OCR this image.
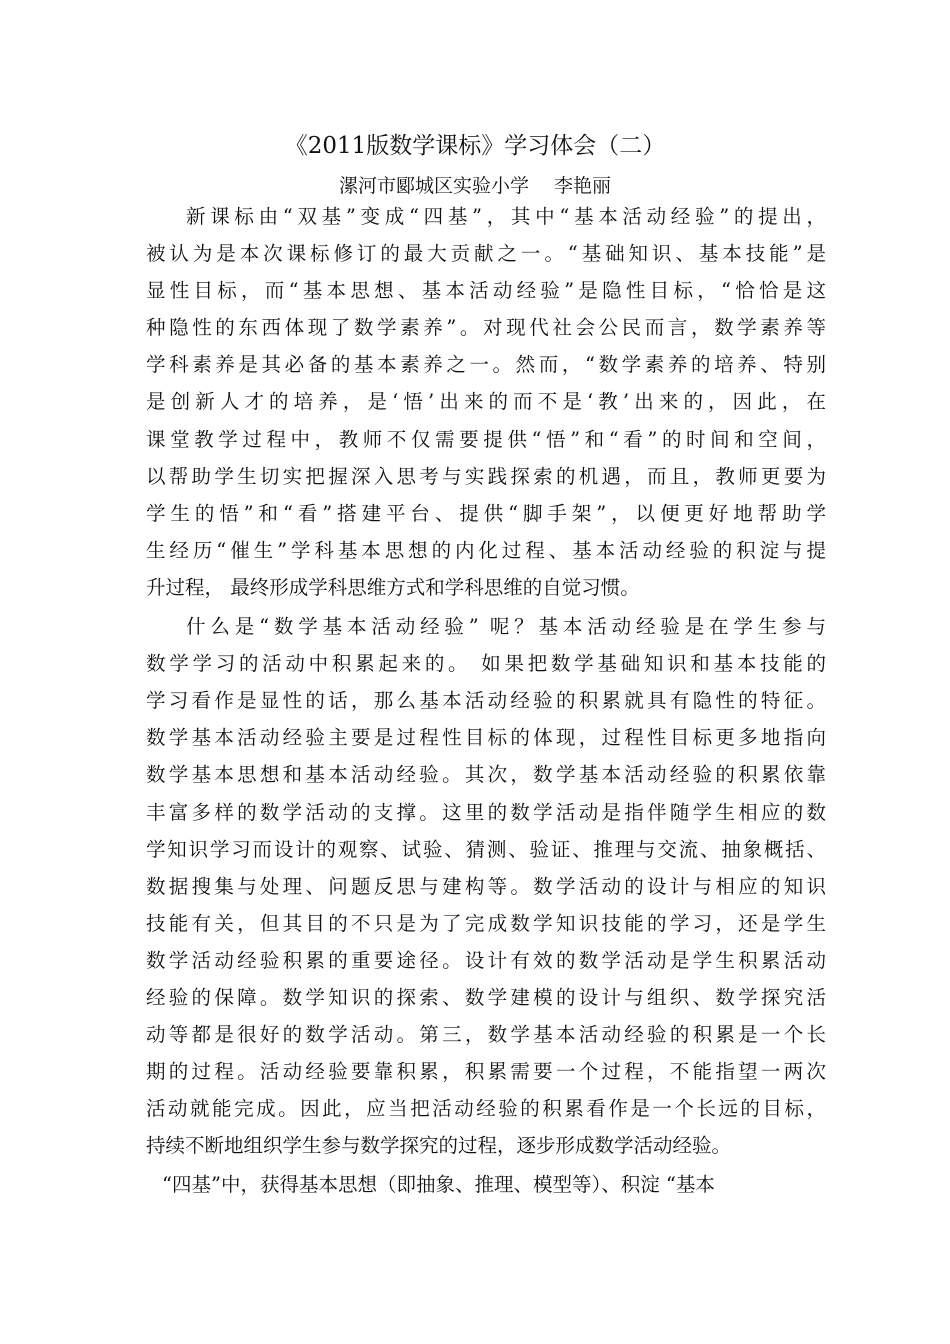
《2011版数学课标》学习体会（二）
漯河市郾城区实验小学　 李艳丽
新课标由“双基”变成“四基”，其中“基本活动经验”的提出，
被认为是本次课标修订的最大贡献之一。“基础知识、基本技能”是
显性目标，而“基本思想、基本活动经验”是隐性目标，“恰恰是这
种隐性的东西体现了数学素养”。对现代社会公民而言，数学素养等
学科素养是其必备的基本素养之一。然而，“数学素养的培养、特别
是创新人才的培养，是‘悟’出来的而不是‘教’出来的，因此，在
课堂教学过程中，教师不仅需要提供“悟”和“看”的时间和空间，
以帮助学生切实把握深入思考与实践探索的机遇，而且，教师更要为
学生的悟”和“看”搭建平台、提供“脚手架”，以便更好地帮助学
生经历“催生”学科基本思想的内化过程、基本活动经验的积淀与提
升过程， 最终形成学科思维方式和学科思维的自觉习惯。
什么是“数学基本活动经验” 呢？基本活动经验是在学生参与
数学学习的活动中积累起来的。 如果把数学基础知识和基本技能的
学习看作是显性的话，那么基本活动经验的积累就具有隐性的特征。
数学基本活动经验主要是过程性目标的体现，过程性目标更多地指向
数学基本思想和基本活动经验。其次，数学基本活动经验的积累依靠
丰富多样的数学活动的支撑。这里的数学活动是指伴随学生相应的数
学知识学习而设计的观察、试验、猜测、验证、推理与交流、抽象概括、
数据搜集与处理、问题反思与建构等。数学活动的设计与相应的知识
技能有关，但其目的不只是为了完成数学知识技能的学习，还是学生
数学活动经验积累的重要途径。设计有效的数学活动是学生积累活动
经验的保障。数学知识的探索、数学建模的设计与组织、数学探究活
动等都是很好的数学活动。第三，数学基本活动经验的积累是一个长
期的过程。活动经验要靠积累，积累需要一个过程，不能指望一两次
活动就能完成。因此，应当把活动经验的积累看作是一个长远的目标，
持续不断地组织学生参与数学探究的过程，逐步形成数学活动经验。
“四基”中，获得基本思想（即抽象、推理、模型等）、积淀 “基本
